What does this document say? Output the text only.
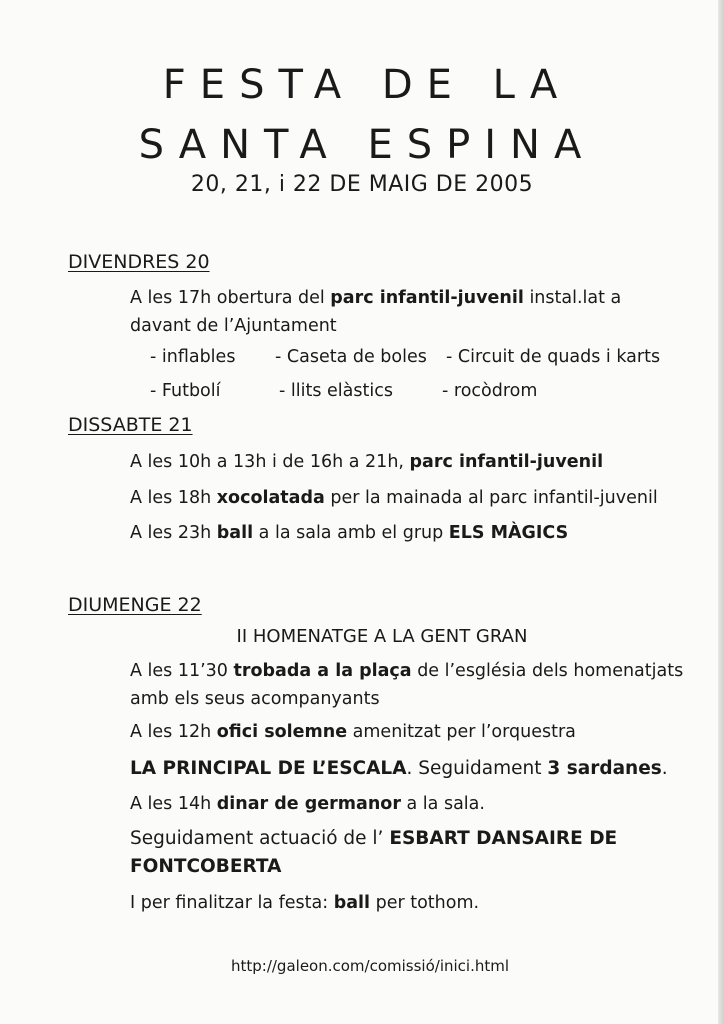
FESTA DE LA
SANTA ESPINA
20, 21, i 22 DE MAIG DE 2005
DIVENDRES 20
A les 17h obertura del parc infantil-juvenil instal.lat a
davant de l’Ajuntament
- inflables - Caseta de boles - Circuit de quads i karts
- Futbolí	- llits elàstics	- rocòdrom
DISSABTE 21
A les 10h a 13h i de 16h a 21h, parc infantil-juvenil
A les 18h xocolatada per la mainada al parc infantil-juvenil
A les 23h ball a la sala amb el grup ELS MÀGICS
DIUMENGE 22
II HOMENATGE A LA GENT GRAN
A les 11’30 trobada a la plaça de l’església dels homenatjats
amb els seus acompanyants
A les 12h ofici solemne amenitzat per l’orquestra
LA PRINCIPAL DE L’ESCALA. Seguidament 3 sardanes.
A les 14h dinar de germanor a la sala.
Seguidament actuació de l’ ESBART DANSAIRE DE
FONTCOBERTA
I per finalitzar la festa: ball per tothom.
http://galeon.com/comissió/inici.html
